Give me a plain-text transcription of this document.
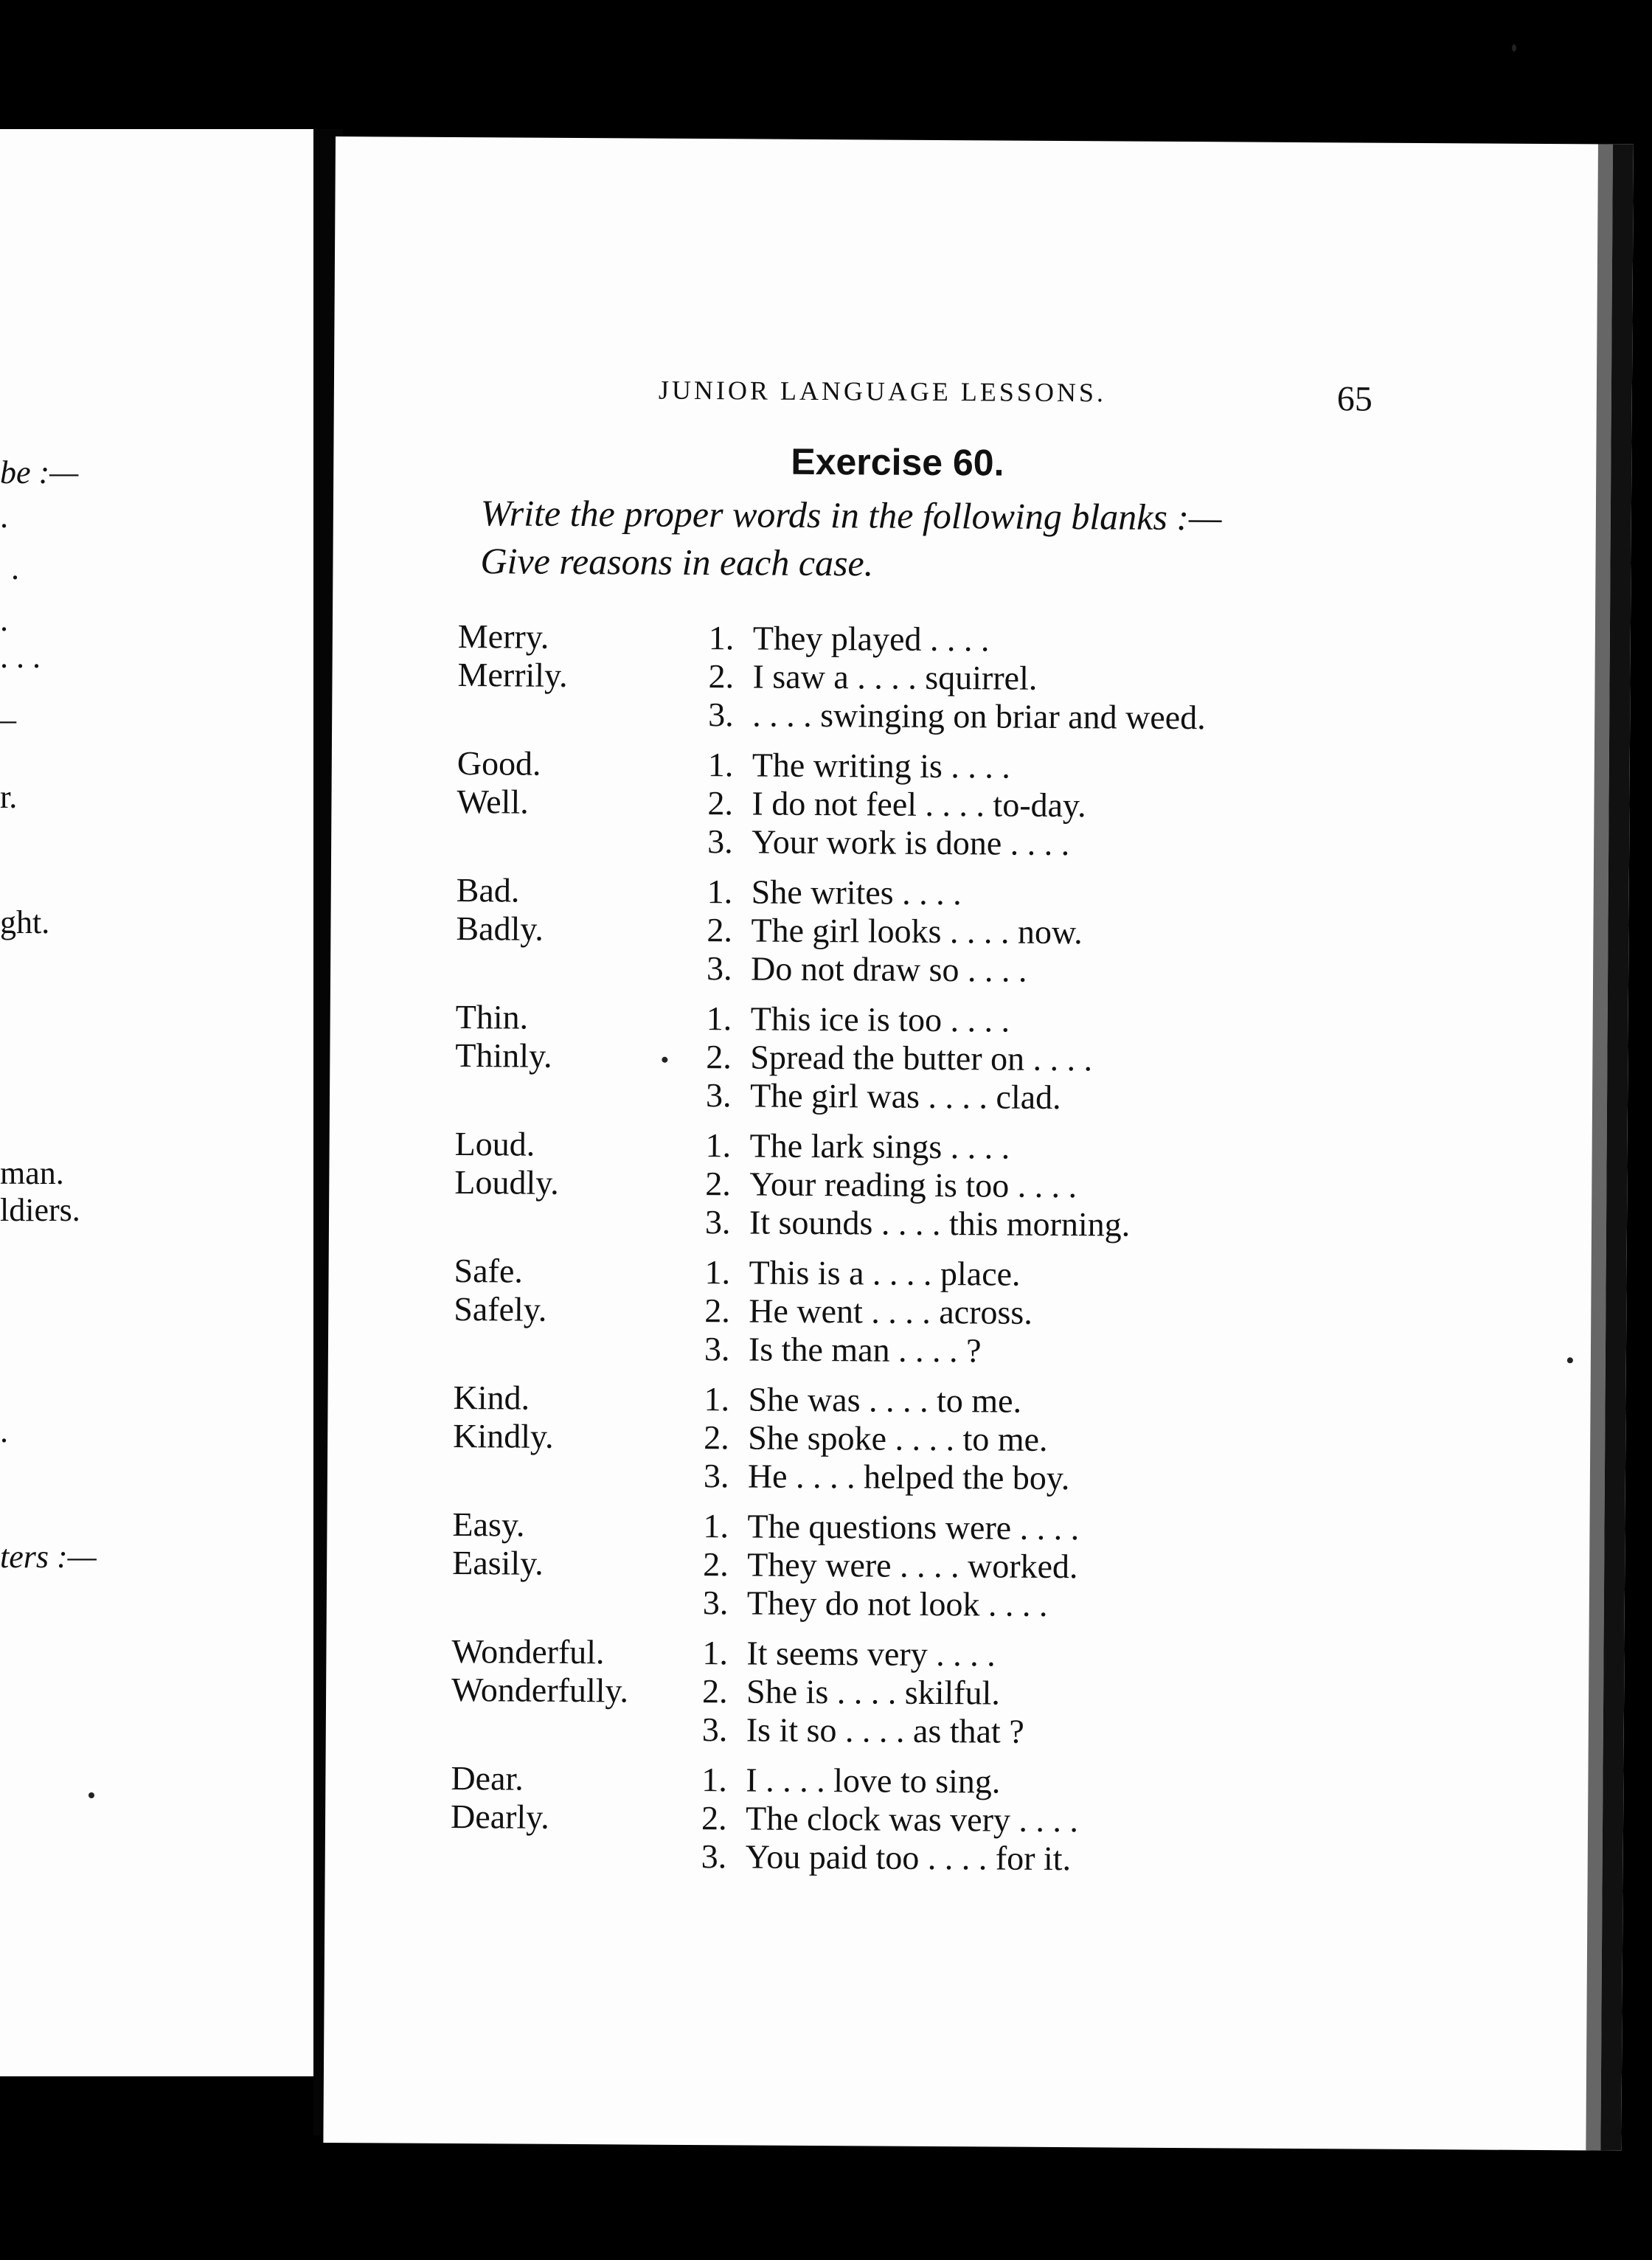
be :—
.
.
.
. . .
–
r.
ght.
man.
ldiers.
.
ters :—
JUNIOR LANGUAGE LESSONS.	65
Exercise 60.
Write the proper words in the following blanks :—
Give reasons in each case.
Merry.
Merrily.
1. They played . . . .
2. I saw a . . . . squirrel.
3. . . . . swinging on briar and weed.
Good.
Well.
1. The writing is . . . .
2. I do not feel . . . . to-day.
3. Your work is done . . . .
Bad.
Badly.
1. She writes . . . .
2. The girl looks . . . . now.
3. Do not draw so . . . .
Thin.
Thinly.
1. This ice is too . . . .
2. Spread the butter on . . . .
3. The girl was . . . . clad.
Loud.
Loudly.
1. The lark sings . . . .
2. Your reading is too . . . .
3. It sounds . . . . this morning.
Safe.
Safely.
1. This is a . . . . place.
2. He went . . . . across.
3. Is the man . . . . ?
Kind.
Kindly.
1. She was . . . . to me.
2. She spoke . . . . to me.
3. He . . . . helped the boy.
Easy.
Easily.
1. The questions were . . . .
2. They were . . . . worked.
3. They do not look . . . .
Wonderful.
Wonderfully.
1. It seems very . . . .
2. She is . . . . skilful.
3. Is it so . . . . as that ?
Dear.
Dearly.
1. I . . . . love to sing.
2. The clock was very . . . .
3. You paid too . . . . for it.
